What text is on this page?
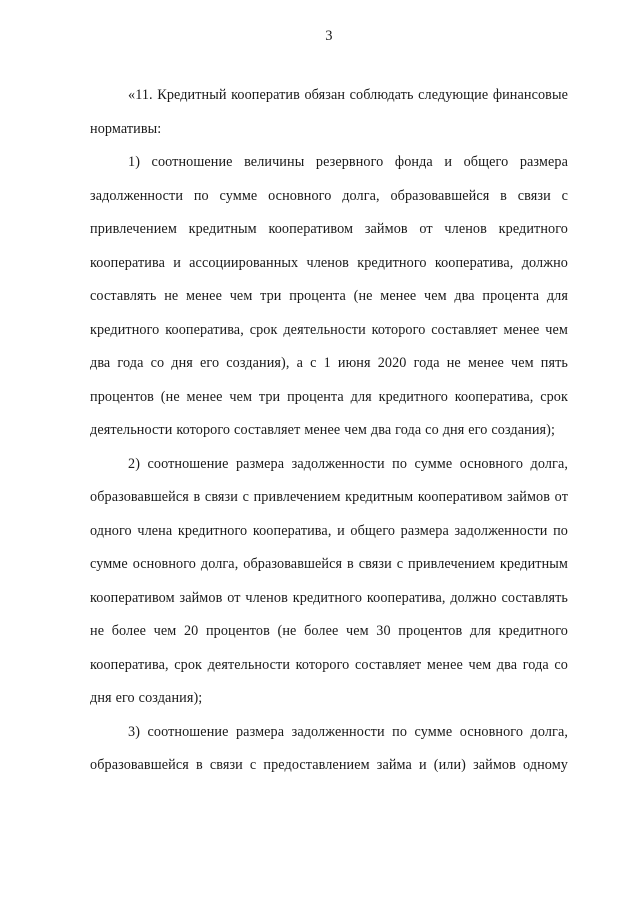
3

«11. Кредитный кооператив обязан соблюдать следующие финансовые нормативы:

1) соотношение величины резервного фонда и общего размера задолженности по сумме основного долга, образовавшейся в связи с привлечением кредитным кооперативом займов от членов кредитного кооператива и ассоциированных членов кредитного кооператива, должно составлять не менее чем три процента (не менее чем два процента для кредитного кооператива, срок деятельности которого составляет менее чем два года со дня его создания), а с 1 июня 2020 года не менее чем пять процентов (не менее чем три процента для кредитного кооператива, срок деятельности которого составляет менее чем два года со дня его создания);

2) соотношение размера задолженности по сумме основного долга, образовавшейся в связи с привлечением кредитным кооперативом займов от одного члена кредитного кооператива, и общего размера задолженности по сумме основного долга, образовавшейся в связи с привлечением кредитным кооперативом займов от членов кредитного кооператива, должно составлять не более чем 20 процентов (не более чем 30 процентов для кредитного кооператива, срок деятельности которого составляет менее чем два года со дня его создания);

3) соотношение размера задолженности по сумме основного долга, образовавшейся в связи с предоставлением займа и (или) займов одному
